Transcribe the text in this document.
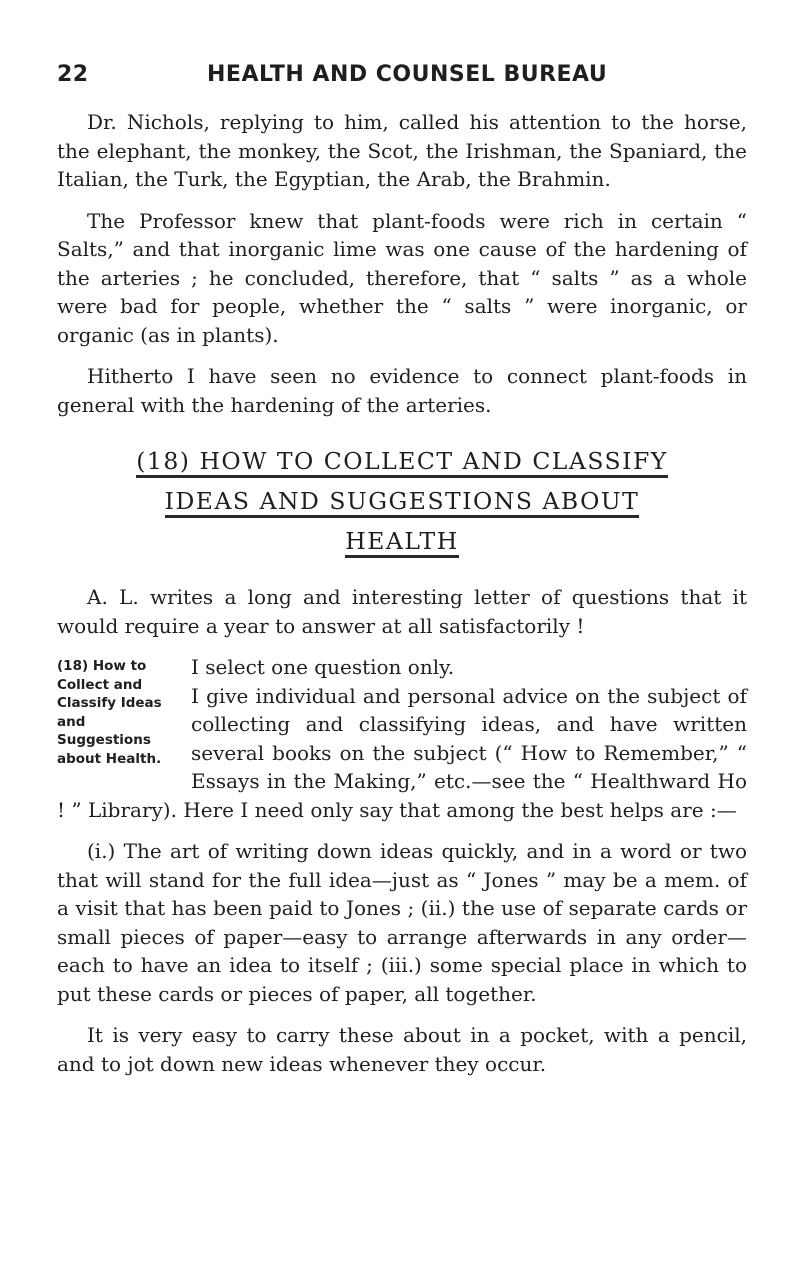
22	HEALTH AND COUNSEL BUREAU

Dr. Nichols, replying to him, called his attention to the horse, the elephant, the monkey, the Scot, the Irishman, the Spaniard, the Italian, the Turk, the Egyptian, the Arab, the Brahmin.

The Professor knew that plant-foods were rich in certain “ Salts,” and that inorganic lime was one cause of the hardening of the arteries ; he concluded, therefore, that “ salts ” as a whole were bad for people, whether the “ salts ” were inorganic, or organic (as in plants).

Hitherto I have seen no evidence to connect plant-foods in general with the hardening of the arteries.

(18) HOW TO COLLECT AND CLASSIFY
IDEAS AND SUGGESTIONS ABOUT
HEALTH

A. L. writes a long and interesting letter of questions that it would require a year to answer at all satisfactorily !

(18) How to
Collect and
Classify Ideas
and Suggestions
about Health.

I select one question only.

I give individual and personal advice on the subject of collecting and classifying ideas, and have written several books on the subject (“ How to Remember,” “ Essays in the Making,” etc.—see the “ Healthward Ho ! ” Library). Here I need only say that among the best helps are :—

(i.) The art of writing down ideas quickly, and in a word or two that will stand for the full idea—just as “ Jones ” may be a mem. of a visit that has been paid to Jones ; (ii.) the use of separate cards or small pieces of paper—easy to arrange afterwards in any order—each to have an idea to itself ; (iii.) some special place in which to put these cards or pieces of paper, all together.

It is very easy to carry these about in a pocket, with a pencil, and to jot down new ideas whenever they occur.
